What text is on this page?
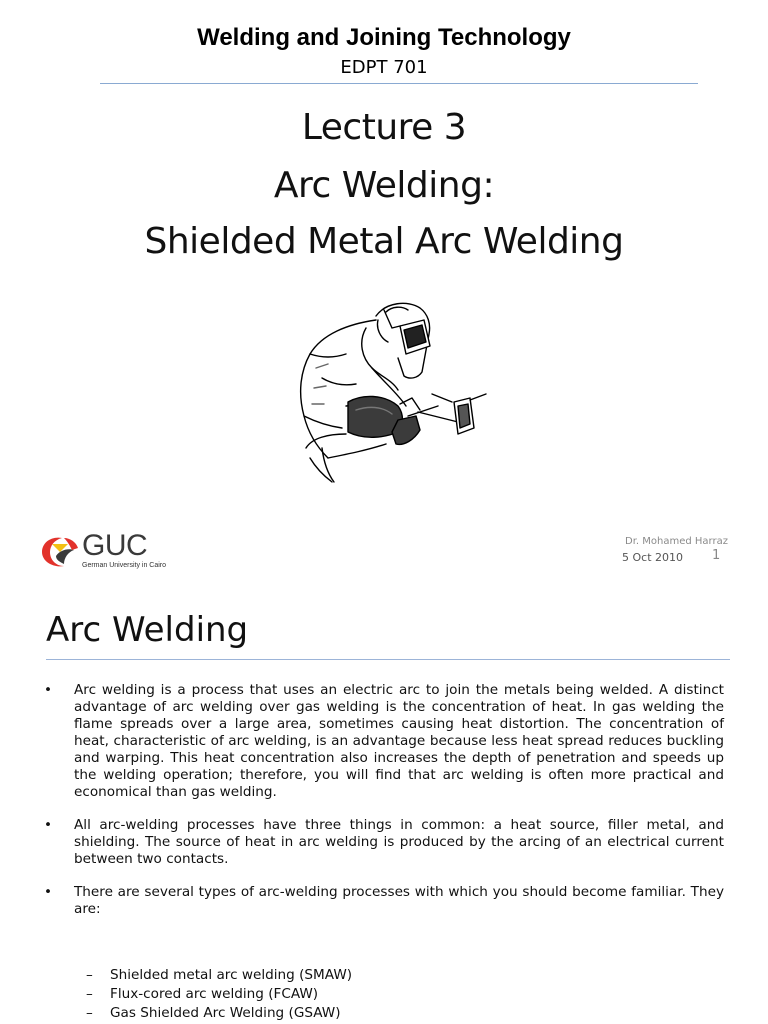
Welding and Joining Technology
EDPT 701
Lecture 3
Arc Welding:
Shielded Metal Arc Welding
GUC
German University in Cairo
Dr. Mohamed Harraz
5 Oct 2010 1
Arc Welding
• Arc welding is a process that uses an electric arc to join the metals being welded. A distinct advantage of arc welding over gas welding is the concentration of heat. In gas welding the flame spreads over a large area, sometimes causing heat distortion. The concentration of heat, characteristic of arc welding, is an advantage because less heat spread reduces buckling and warping. This heat concentration also increases the depth of penetration and speeds up the welding operation; therefore, you will find that arc welding is often more practical and economical than gas welding.
• All arc-welding processes have three things in common: a heat source, filler metal, and shielding. The source of heat in arc welding is produced by the arcing of an electrical current between two contacts.
• There are several types of arc-welding processes with which you should become familiar. They are:
– Shielded metal arc welding (SMAW)
– Flux-cored arc welding (FCAW)
– Gas Shielded Arc Welding (GSAW)
